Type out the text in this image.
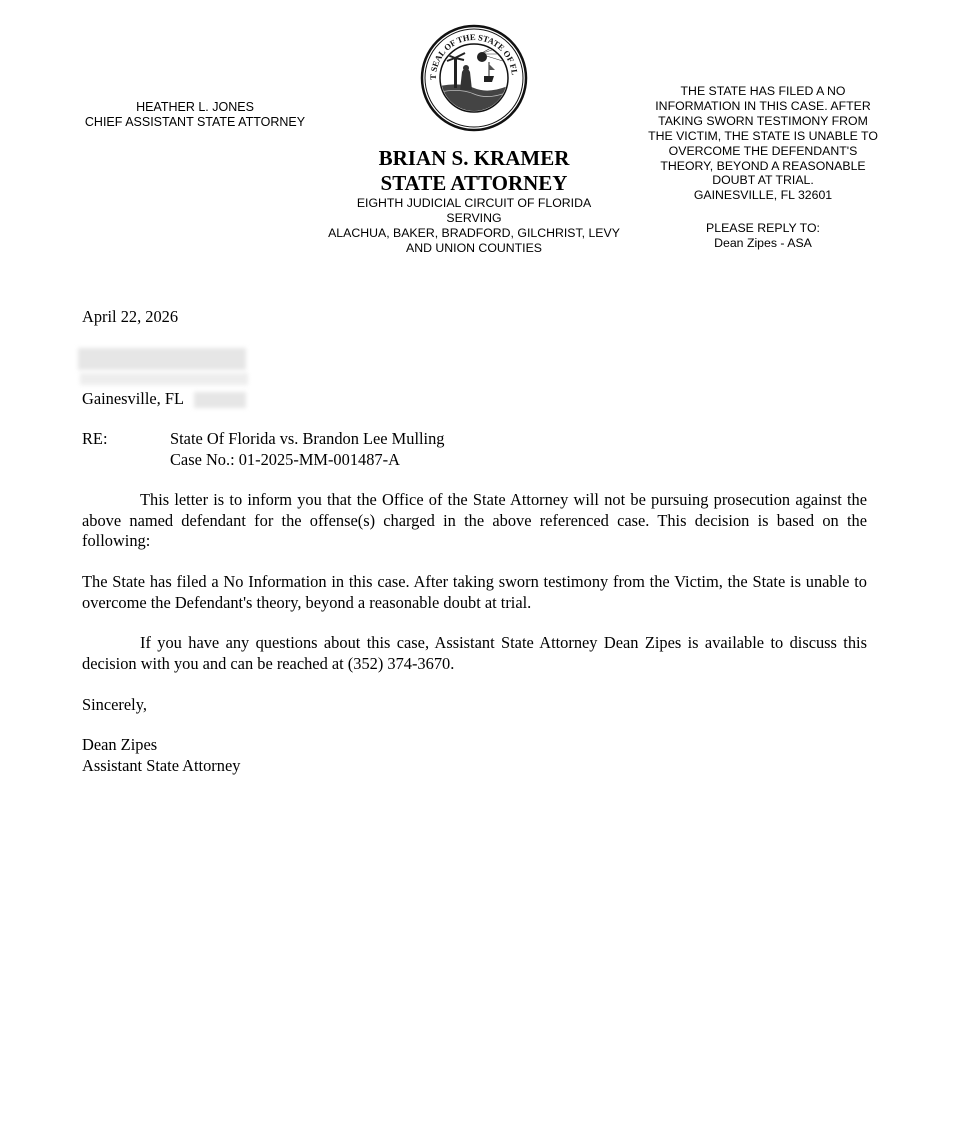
HEATHER L. JONES
CHIEF ASSISTANT STATE ATTORNEY
T SEAL OF THE STATE OF FL
BRIAN S. KRAMER
STATE ATTORNEY
EIGHTH JUDICIAL CIRCUIT OF FLORIDA
SERVING
ALACHUA, BAKER, BRADFORD, GILCHRIST, LEVY
AND UNION COUNTIES
THE STATE HAS FILED A NO
INFORMATION IN THIS CASE. AFTER
TAKING SWORN TESTIMONY FROM
THE VICTIM, THE STATE IS UNABLE TO
OVERCOME THE DEFENDANT'S
THEORY, BEYOND A REASONABLE
DOUBT AT TRIAL.
GAINESVILLE, FL 32601
PLEASE REPLY TO:
Dean Zipes - ASA
April 22, 2026
Gainesville, FL
RE:	State Of Florida vs. Brandon Lee Mulling
Case No.: 01-2025-MM-001487-A
This letter is to inform you that the Office of the State Attorney will not be pursuing prosecution against the above named defendant for the offense(s) charged in the above referenced case. This decision is based on the following:
The State has filed a No Information in this case. After taking sworn testimony from the Victim, the State is unable to overcome the Defendant's theory, beyond a reasonable doubt at trial.
If you have any questions about this case, Assistant State Attorney Dean Zipes is available to discuss this decision with you and can be reached at (352) 374-3670.
Sincerely,
Dean Zipes
Assistant State Attorney
